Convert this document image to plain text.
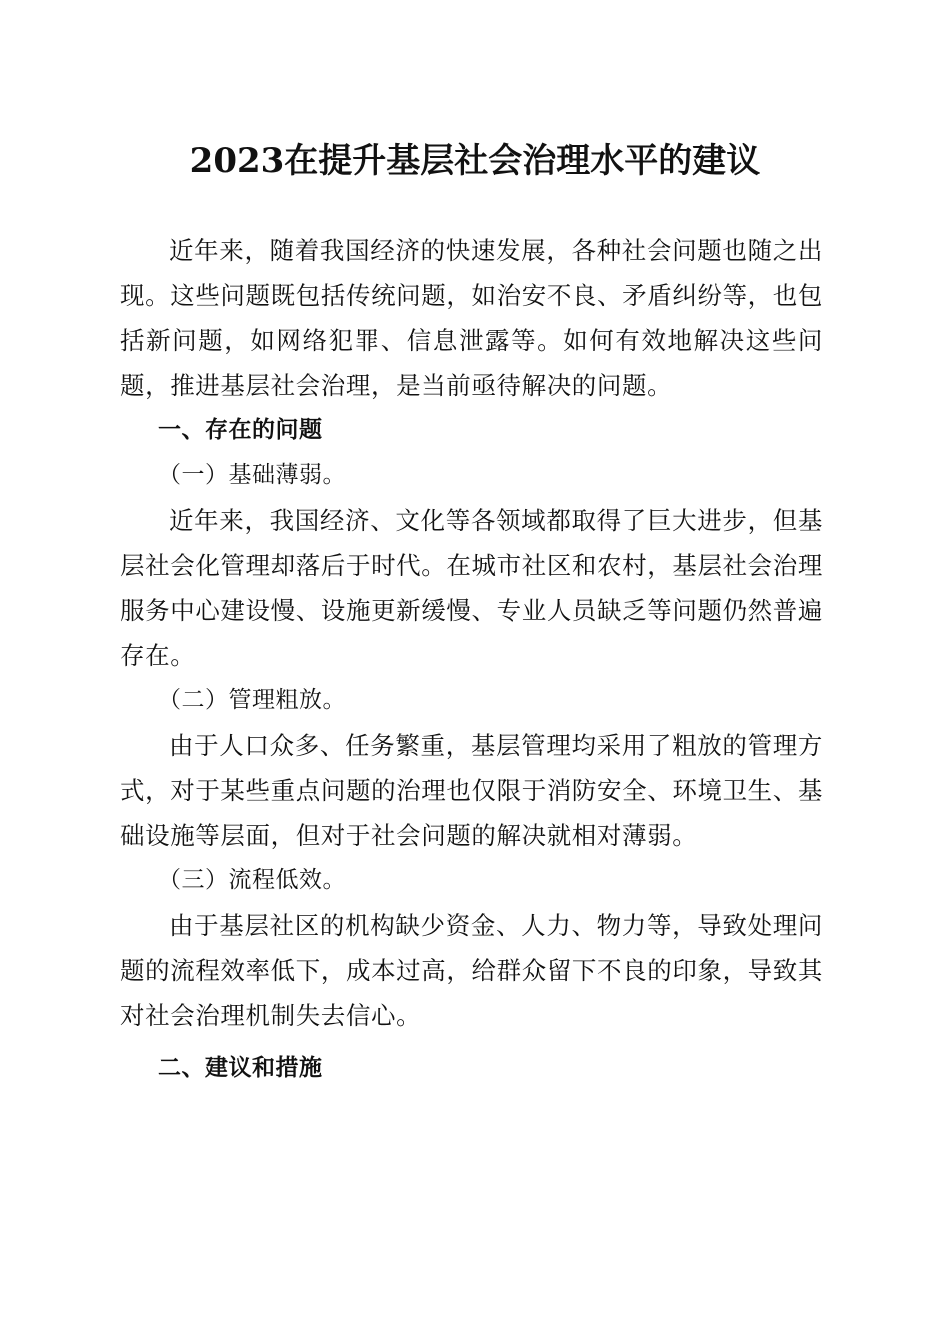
2023在提升基层社会治理水平的建议

近年来，随着我国经济的快速发展，各种社会问题也随之出现。这些问题既包括传统问题，如治安不良、矛盾纠纷等，也包括新问题，如网络犯罪、信息泄露等。如何有效地解决这些问题，推进基层社会治理，是当前亟待解决的问题。

一、存在的问题

（一）基础薄弱。

近年来，我国经济、文化等各领域都取得了巨大进步，但基层社会化管理却落后于时代。在城市社区和农村，基层社会治理服务中心建设慢、设施更新缓慢、专业人员缺乏等问题仍然普遍存在。

（二）管理粗放。

由于人口众多、任务繁重，基层管理均采用了粗放的管理方式，对于某些重点问题的治理也仅限于消防安全、环境卫生、基础设施等层面，但对于社会问题的解决就相对薄弱。

（三）流程低效。

由于基层社区的机构缺少资金、人力、物力等，导致处理问题的流程效率低下，成本过高，给群众留下不良的印象，导致其对社会治理机制失去信心。

二、建议和措施
